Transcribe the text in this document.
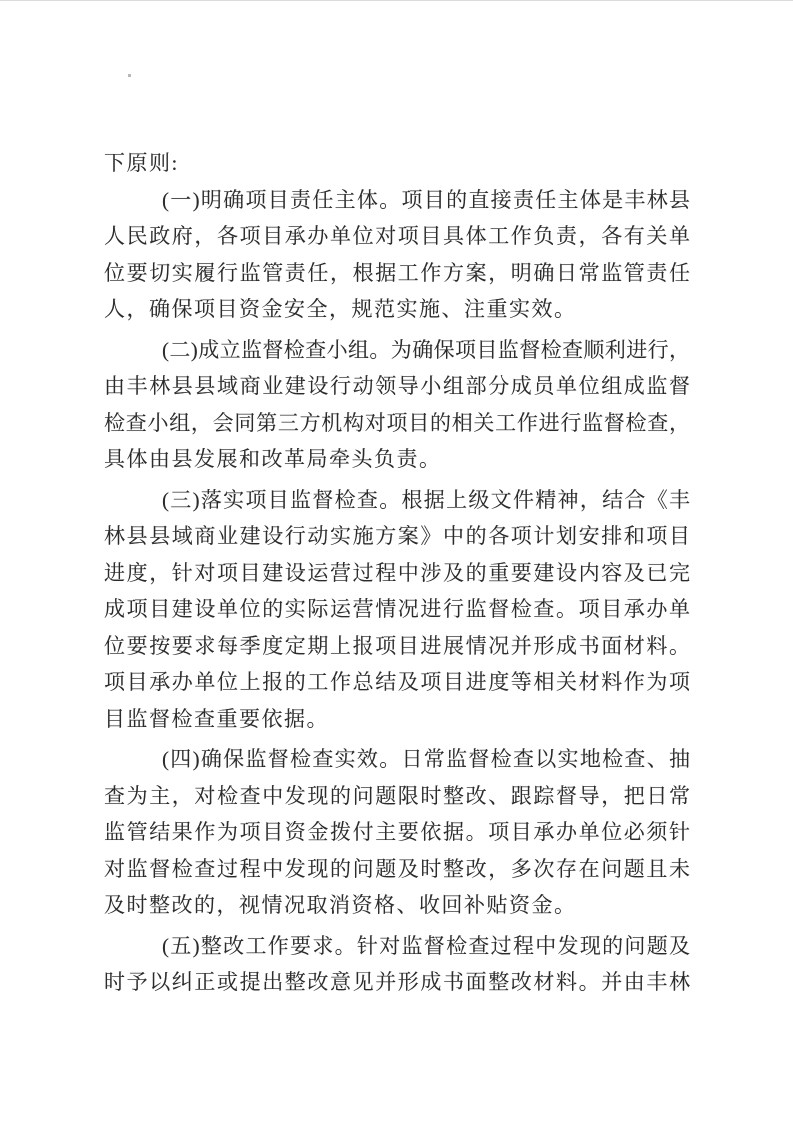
下原则:
(一)明确项目责任主体。项目的直接责任主体是丰林县
人民政府，各项目承办单位对项目具体工作负责，各有关单
位要切实履行监管责任，根据工作方案，明确日常监管责任
人，确保项目资金安全，规范实施、注重实效。
(二)成立监督检查小组。为确保项目监督检查顺利进行，
由丰林县县域商业建设行动领导小组部分成员单位组成监督
检查小组，会同第三方机构对项目的相关工作进行监督检查，
具体由县发展和改革局牵头负责。
(三)落实项目监督检查。根据上级文件精神，结合《丰
林县县域商业建设行动实施方案》中的各项计划安排和项目
进度，针对项目建设运营过程中涉及的重要建设内容及已完
成项目建设单位的实际运营情况进行监督检查。项目承办单
位要按要求每季度定期上报项目进展情况并形成书面材料。
项目承办单位上报的工作总结及项目进度等相关材料作为项
目监督检查重要依据。
(四)确保监督检查实效。日常监督检查以实地检查、抽
查为主，对检查中发现的问题限时整改、跟踪督导，把日常
监管结果作为项目资金拨付主要依据。项目承办单位必须针
对监督检查过程中发现的问题及时整改，多次存在问题且未
及时整改的，视情况取消资格、收回补贴资金。
(五)整改工作要求。针对监督检查过程中发现的问题及
时予以纠正或提出整改意见并形成书面整改材料。并由丰林
